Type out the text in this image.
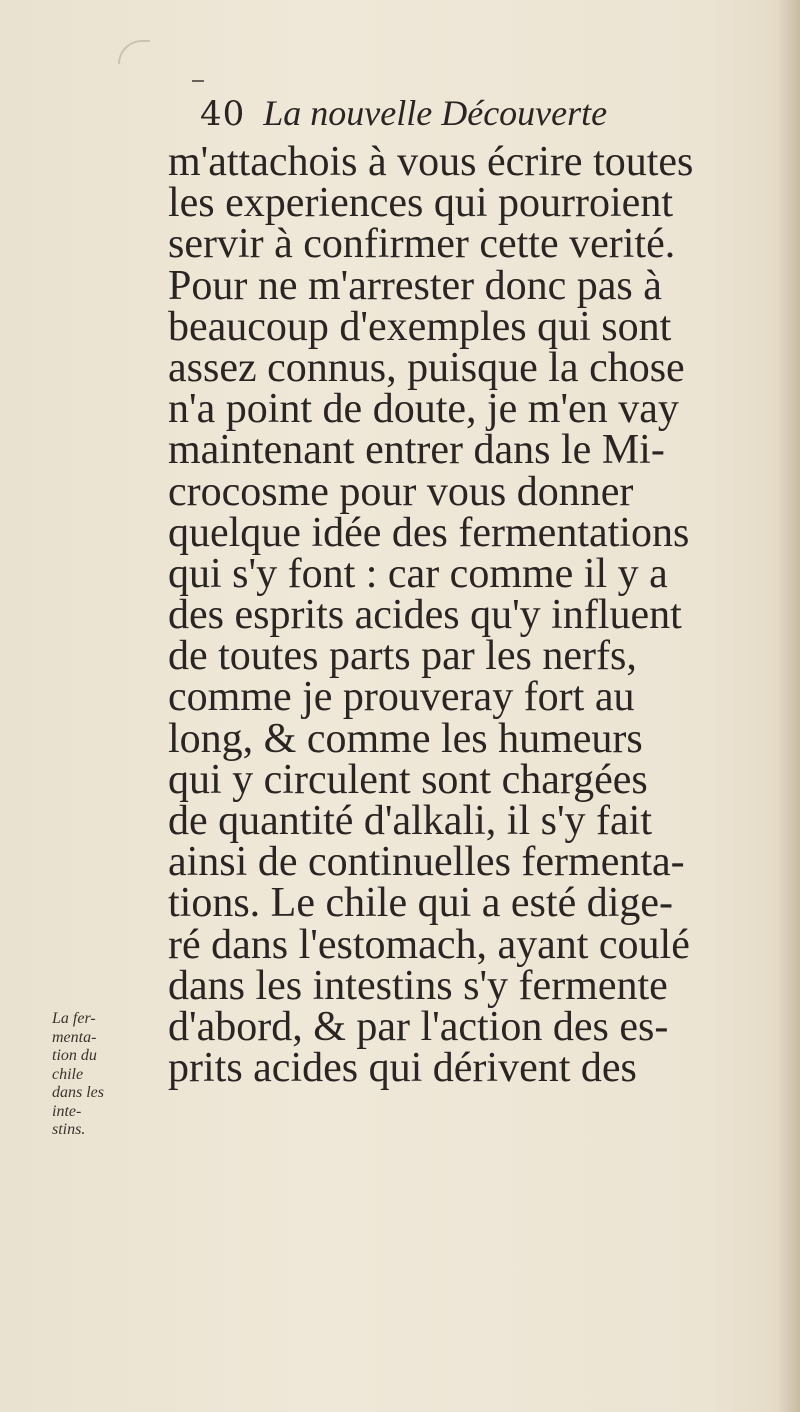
40 La nouvelle Découverte
m'attachois à vous écrire toutes
les experiences qui pourroient
servir à confirmer cette verité.
Pour ne m'arrester donc pas à
beaucoup d'exemples qui sont
assez connus, puisque la chose
n'a point de doute, je m'en vay
maintenant entrer dans le Mi-
crocosme pour vous donner
quelque idée des fermentations
qui s'y font : car comme il y a
des esprits acides qu'y influent
de toutes parts par les nerfs,
comme je prouveray fort au
long, & comme les humeurs
qui y circulent sont chargées
de quantité d'alkali, il s'y fait
ainsi de continuelles fermenta-
tions. Le chile qui a esté dige-
ré dans l'estomach, ayant coulé
dans les intestins s'y fermente
d'abord, & par l'action des es-
prits acides qui dérivent des
La fer-
menta-
tion du
chile
dans les
inte-
stins.
